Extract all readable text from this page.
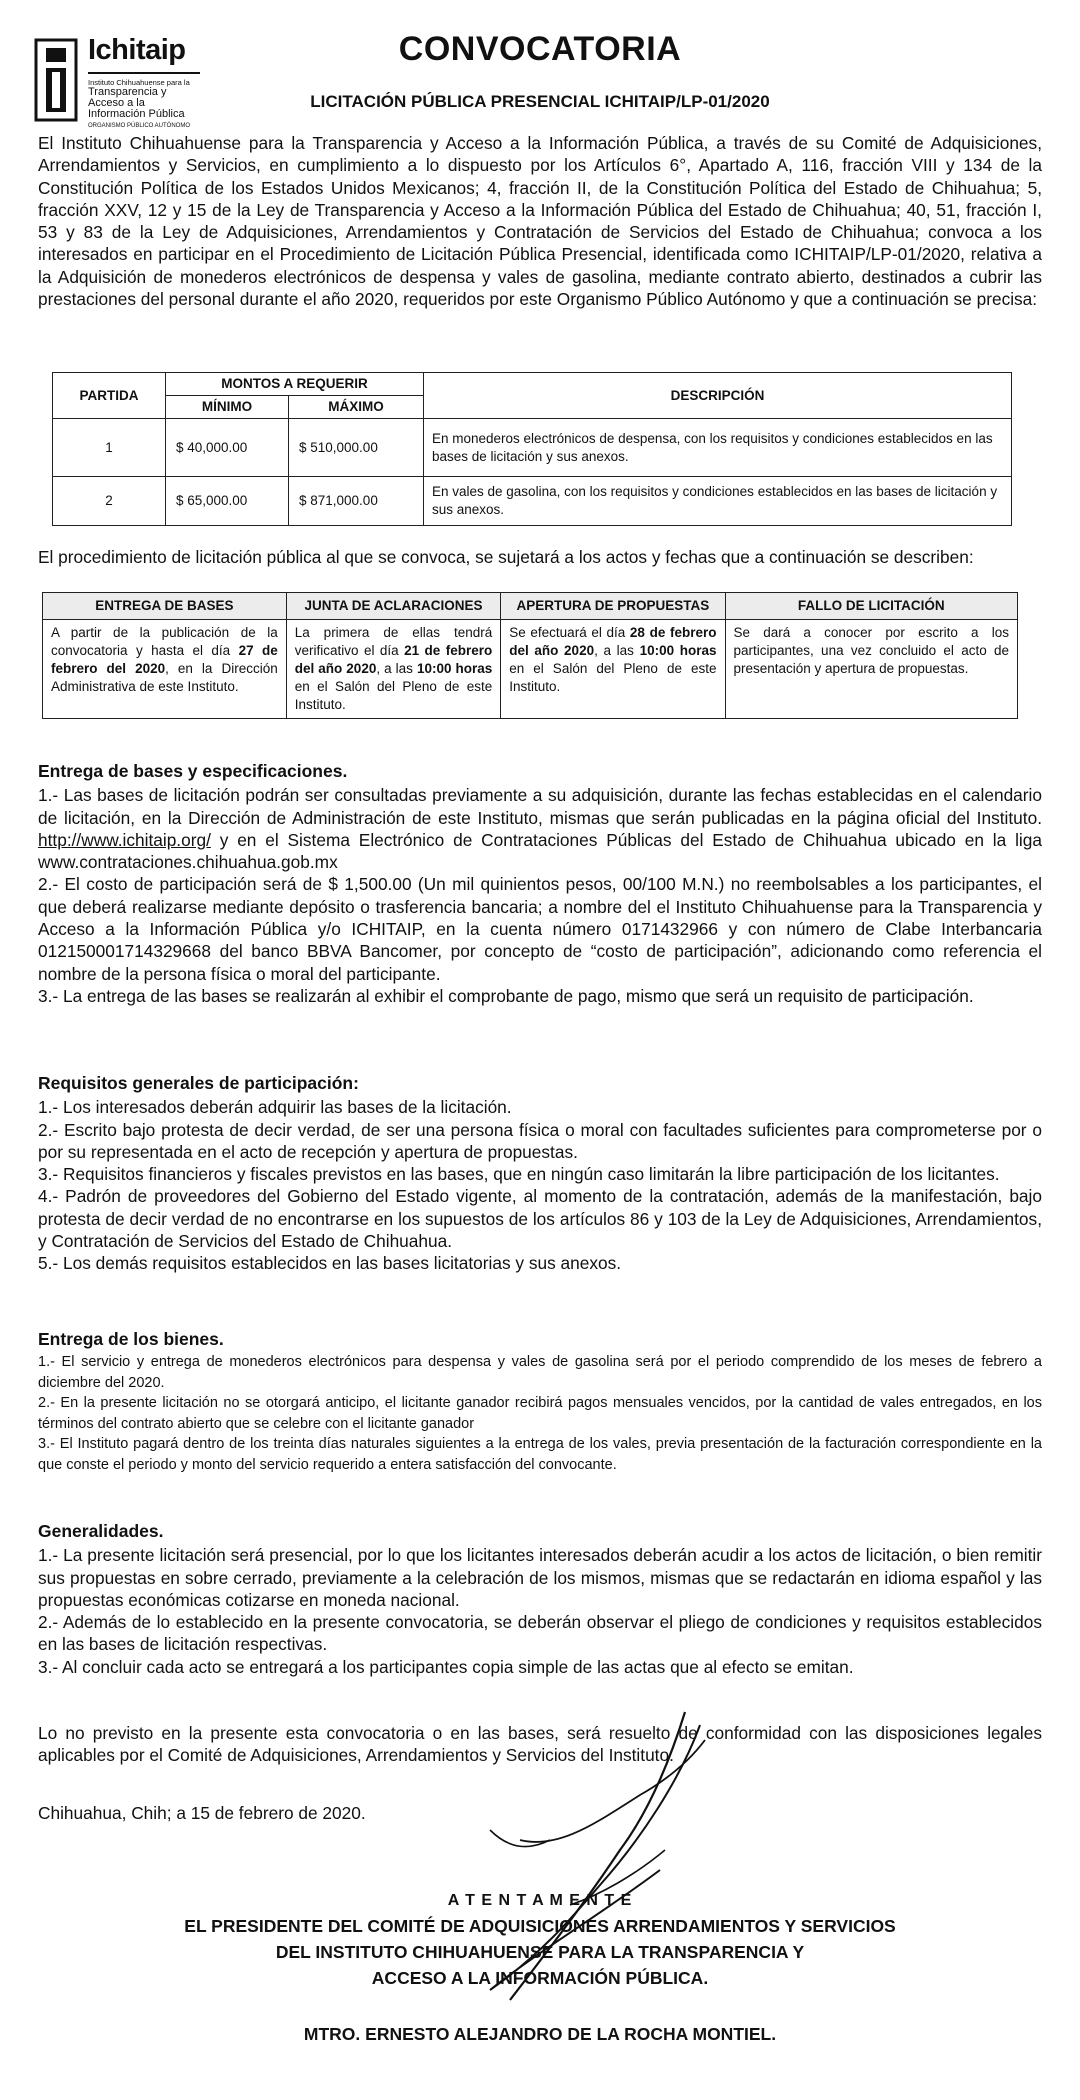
Ichitaip
Instituto Chihuahuense para la
Transparencia y
Acceso a la
Información Pública
ORGANISMO PÚBLICO AUTÓNOMO
CONVOCATORIA
LICITACIÓN PÚBLICA PRESENCIAL ICHITAIP/LP-01/2020

El Instituto Chihuahuense para la Transparencia y Acceso a la Información Pública, a través de su Comité de Adquisiciones, Arrendamientos y Servicios, en cumplimiento a lo dispuesto por los Artículos 6°, Apartado A, 116, fracción VIII y 134 de la Constitución Política de los Estados Unidos Mexicanos; 4, fracción II, de la Constitución Política del Estado de Chihuahua; 5, fracción XXV, 12 y 15 de la Ley de Transparencia y Acceso a la Información Pública del Estado de Chihuahua; 40, 51, fracción I, 53 y 83 de la Ley de Adquisiciones, Arrendamientos y Contratación de Servicios del Estado de Chihuahua; convoca a los interesados en participar en el Procedimiento de Licitación Pública Presencial, identificada como ICHITAIP/LP-01/2020, relativa a la Adquisición de monederos electrónicos de despensa y vales de gasolina, mediante contrato abierto, destinados a cubrir las prestaciones del personal durante el año 2020, requeridos por este Organismo Público Autónomo y que a continuación se precisa:

PARTIDA	MONTOS A REQUERIR		DESCRIPCIÓN
	MÍNIMO	MÁXIMO	
1	$ 40,000.00	$ 510,000.00	En monederos electrónicos de despensa, con los requisitos y condiciones establecidos en las bases de licitación y sus anexos.
2	$ 65,000.00	$ 871,000.00	En vales de gasolina, con los requisitos y condiciones establecidos en las bases de licitación y sus anexos.

El procedimiento de licitación pública al que se convoca, se sujetará a los actos y fechas que a continuación se describen:

ENTREGA DE BASES	JUNTA DE ACLARACIONES	APERTURA DE PROPUESTAS	FALLO DE LICITACIÓN
A partir de la publicación de la convocatoria y hasta el día 27 de febrero del 2020, en la Dirección Administrativa de este Instituto.	La primera de ellas tendrá verificativo el día 21 de febrero del año 2020, a las 10:00 horas en el Salón del Pleno de este Instituto.	Se efectuará el día 28 de febrero del año 2020, a las 10:00 horas en el Salón del Pleno de este Instituto.	Se dará a conocer por escrito a los participantes, una vez concluido el acto de presentación y apertura de propuestas.

Entrega de bases y especificaciones.

1.- Las bases de licitación podrán ser consultadas previamente a su adquisición, durante las fechas establecidas en el calendario de licitación, en la Dirección de Administración de este Instituto, mismas que serán publicadas en la página oficial del Instituto. http://www.ichitaip.org/ y en el Sistema Electrónico de Contrataciones Públicas del Estado de Chihuahua ubicado en la liga www.contrataciones.chihuahua.gob.mx

2.- El costo de participación será de $ 1,500.00 (Un mil quinientos pesos, 00/100 M.N.) no reembolsables a los participantes, el que deberá realizarse mediante depósito o trasferencia bancaria; a nombre del el Instituto Chihuahuense para la Transparencia y Acceso a la Información Pública y/o ICHITAIP, en la cuenta número 0171432966 y con número de Clabe Interbancaria 012150001714329668 del banco BBVA Bancomer, por concepto de “costo de participación”, adicionando como referencia el nombre de la persona física o moral del participante.

3.- La entrega de las bases se realizarán al exhibir el comprobante de pago, mismo que será un requisito de participación.

Requisitos generales de participación:

1.- Los interesados deberán adquirir las bases de la licitación.

2.- Escrito bajo protesta de decir verdad, de ser una persona física o moral con facultades suficientes para comprometerse por o por su representada en el acto de recepción y apertura de propuestas.

3.- Requisitos financieros y fiscales previstos en las bases, que en ningún caso limitarán la libre participación de los licitantes.

4.- Padrón de proveedores del Gobierno del Estado vigente, al momento de la contratación, además de la manifestación, bajo protesta de decir verdad de no encontrarse en los supuestos de los artículos 86 y 103 de la Ley de Adquisiciones, Arrendamientos, y Contratación de Servicios del Estado de Chihuahua.

5.- Los demás requisitos establecidos en las bases licitatorias y sus anexos.

Entrega de los bienes.

1.- El servicio y entrega de monederos electrónicos para despensa y vales de gasolina será por el periodo comprendido de los meses de febrero a diciembre del 2020.

2.- En la presente licitación no se otorgará anticipo, el licitante ganador recibirá pagos mensuales vencidos, por la cantidad de vales entregados, en los términos del contrato abierto que se celebre con el licitante ganador

3.- El Instituto pagará dentro de los treinta días naturales siguientes a la entrega de los vales, previa presentación de la facturación correspondiente en la que conste el periodo y monto del servicio requerido a entera satisfacción del convocante.

Generalidades.

1.- La presente licitación será presencial, por lo que los licitantes interesados deberán acudir a los actos de licitación, o bien remitir sus propuestas en sobre cerrado, previamente a la celebración de los mismos, mismas que se redactarán en idioma español y las propuestas económicas cotizarse en moneda nacional.

2.- Además de lo establecido en la presente convocatoria, se deberán observar el pliego de condiciones y requisitos establecidos en las bases de licitación respectivas.

3.- Al concluir cada acto se entregará a los participantes copia simple de las actas que al efecto se emitan.

Lo no previsto en la presente esta convocatoria o en las bases, será resuelto de conformidad con las disposiciones legales aplicables por el Comité de Adquisiciones, Arrendamientos y Servicios del Instituto.

Chihuahua, Chih; a 15 de febrero de 2020.

A T E N T A M E N T E
EL PRESIDENTE DEL COMITÉ DE ADQUISICIONES ARRENDAMIENTOS Y SERVICIOS
DEL INSTITUTO CHIHUAHUENSE PARA LA TRANSPARENCIA Y
ACCESO A LA INFORMACIÓN PÚBLICA.
MTRO. ERNESTO ALEJANDRO DE LA ROCHA MONTIEL.
